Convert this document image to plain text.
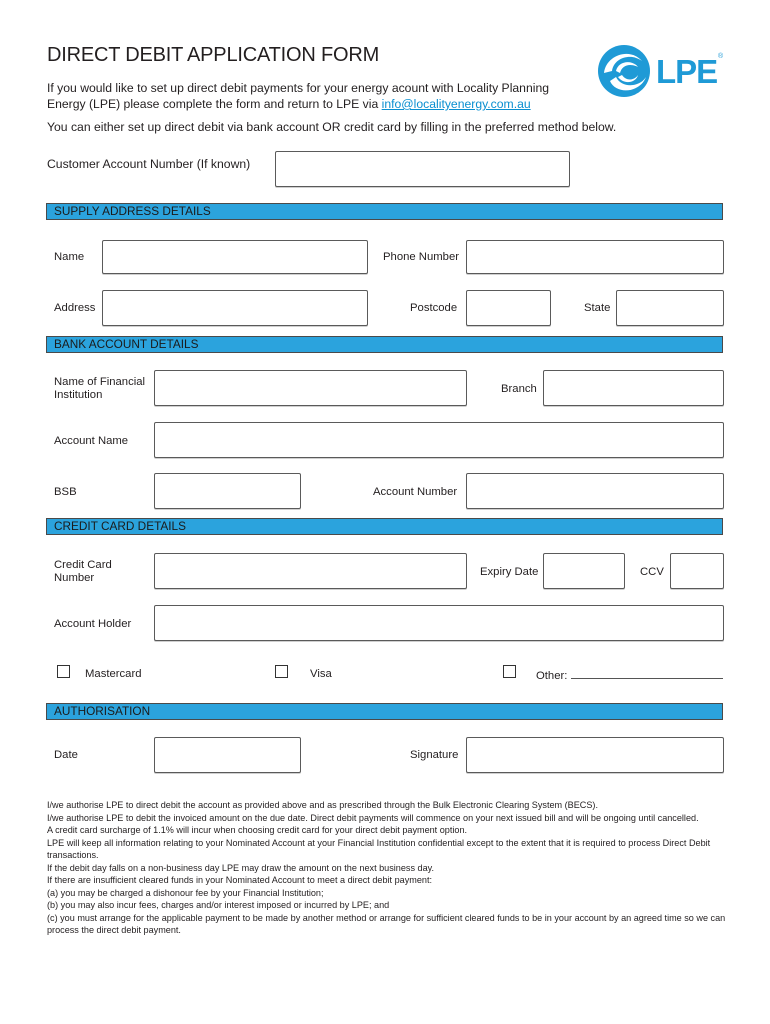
DIRECT DEBIT APPLICATION FORM
If you would like to set up direct debit payments for your energy acount with Locality Planning Energy (LPE) please complete the form and return to LPE via info@localityenergy.com.au
You can either set up direct debit via bank account OR credit card by filling in the preferred method below.
LPE ®
Customer Account Number (If known)
SUPPLY ADDRESS DETAILS
Name	Phone Number
Address	Postcode	State
BANK ACCOUNT DETAILS
Name of Financial
Institution	Branch
Account Name
BSB	Account Number
CREDIT CARD DETAILS
Credit Card
Number	Expiry Date	CCV
Account Holder
Mastercard	Visa	Other:
AUTHORISATION
Date	Signature

I/we authorise LPE to direct debit the account as provided above and as prescribed through the Bulk Electronic Clearing System (BECS).

I/we authorise LPE to debit the invoiced amount on the due date. Direct debit payments will commence on your next issued bill and will be ongoing until cancelled.

A credit card surcharge of 1.1% will incur when choosing credit card for your direct debit payment option.

LPE will keep all information relating to your Nominated Account at your Financial Institution confidential except to the extent that it is required to process Direct Debit transactions.

If the debit day falls on a non-business day LPE may draw the amount on the next business day.

If there are insufficient cleared funds in your Nominated Account to meet a direct debit payment:

(a) you may be charged a dishonour fee by your Financial Institution;

(b) you may also incur fees, charges and/or interest imposed or incurred by LPE; and

(c) you must arrange for the applicable payment to be made by another method or arrange for sufficient cleared funds to be in your account by an agreed time so we can process the direct debit payment.
